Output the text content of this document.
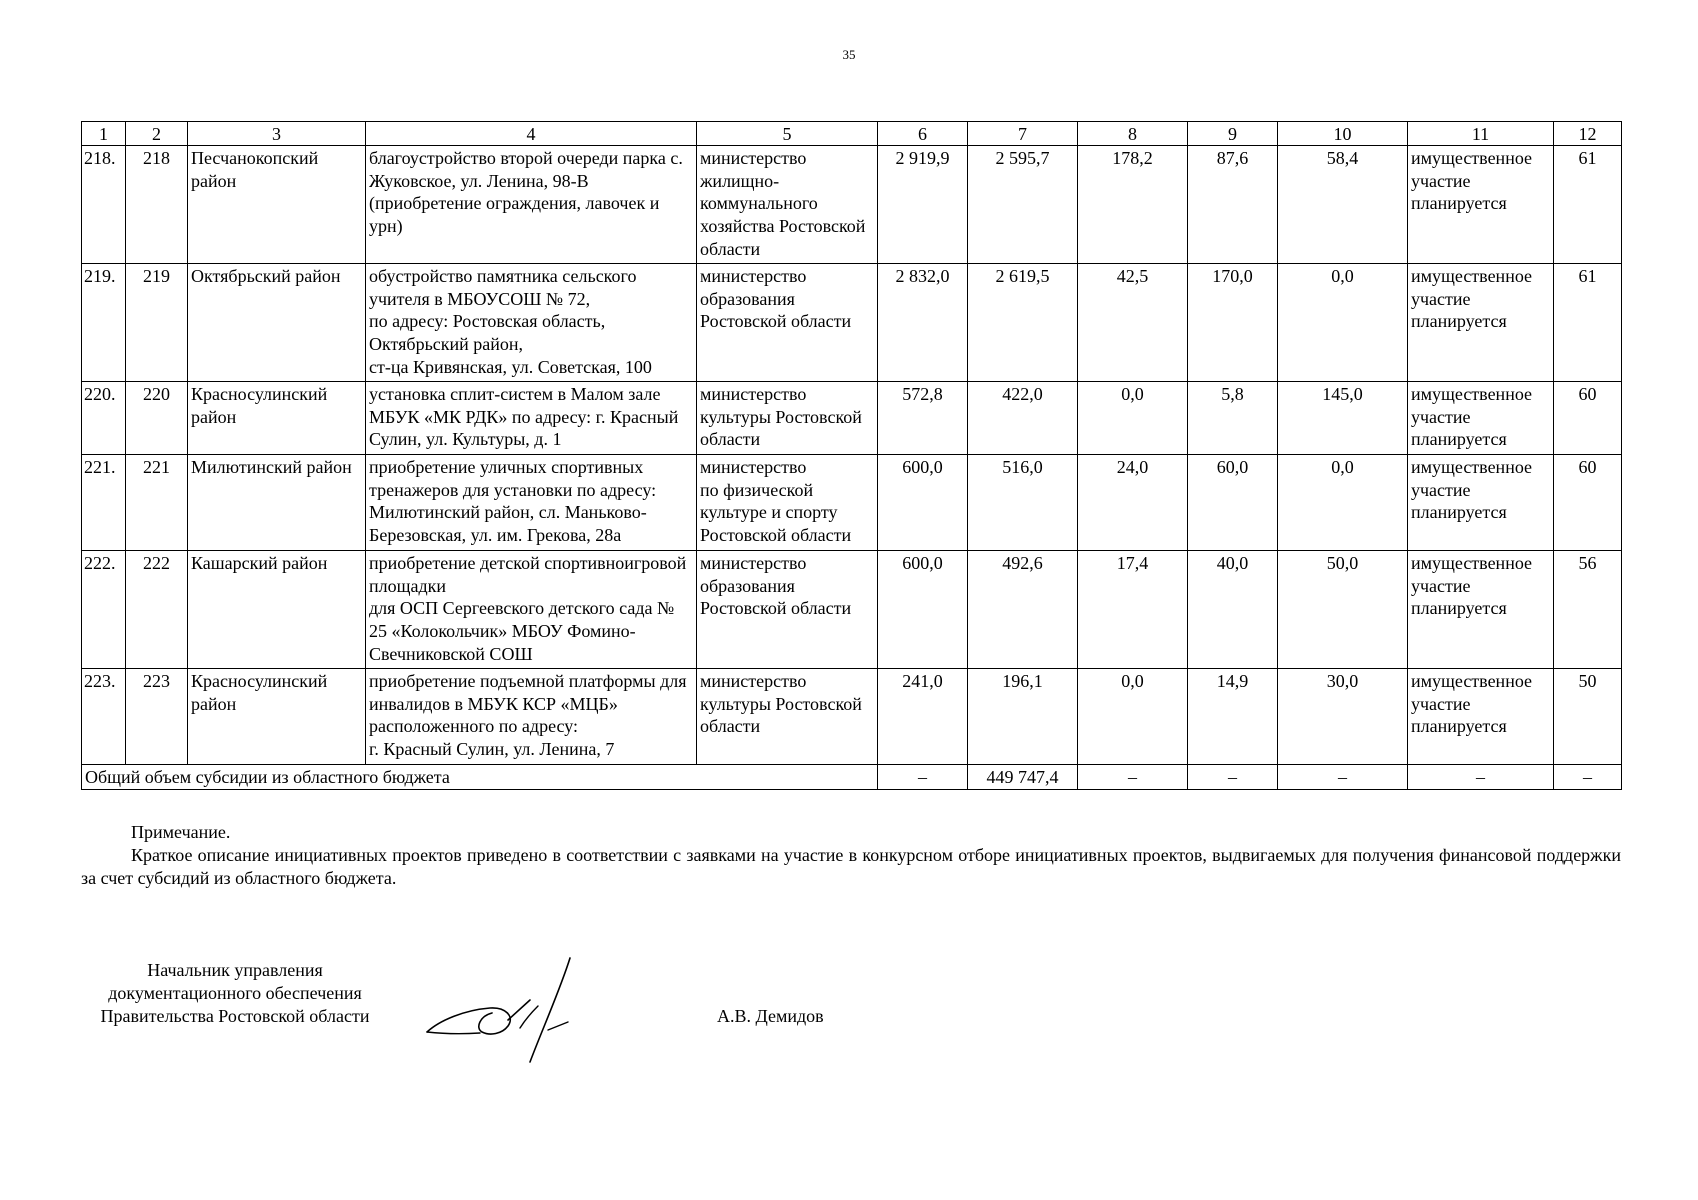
35
1	2	3	4	5	6	7	8	9	10	11	12
218.	218	Песчанокопский район	благоустройство второй очереди парка с. Жуковское, ул. Ленина, 98-В (приобретение ограждения, лавочек и урн)	министерство жилищно-коммунального хозяйства Ростовской области	2 919,9	2 595,7	178,2	87,6	58,4	имущественное участие планируется	61
219.	219	Октябрьский район	обустройство памятника сельского учителя в МБОУСОШ № 72,
по адресу: Ростовская область, Октябрьский район,
ст-ца Кривянская, ул. Советская, 100	министерство образования Ростовской области	2 832,0	2 619,5	42,5	170,0	0,0	имущественное участие планируется	61
220.	220	Красносулинский район	установка сплит-систем в Малом зале МБУК «МК РДК» по адресу: г. Красный Сулин, ул. Культуры, д. 1	министерство культуры Ростовской области	572,8	422,0	0,0	5,8	145,0	имущественное участие планируется	60
221.	221	Милютинский район	приобретение уличных спортивных тренажеров для установки по адресу: Милютинский район, сл. Маньково-Березовская, ул. им. Грекова, 28а	министерство
по физической культуре и спорту Ростовской области	600,0	516,0	24,0	60,0	0,0	имущественное участие планируется	60
222.	222	Кашарский район	приобретение детской спортивноигровой площадки
для ОСП Сергеевского детского сада № 25 «Колокольчик» МБОУ Фомино-Свечниковской СОШ	министерство образования Ростовской области	600,0	492,6	17,4	40,0	50,0	имущественное участие планируется	56
223.	223	Красносулинский район	приобретение подъемной платформы для инвалидов в МБУК КСР «МЦБ» расположенного по адресу:
г. Красный Сулин, ул. Ленина, 7	министерство культуры Ростовской области	241,0	196,1	0,0	14,9	30,0	имущественное участие планируется	50
Общий объем субсидии из областного бюджета					–	449 747,4	–	–	–	–	–
Примечание.
Краткое описание инициативных проектов приведено в соответствии с заявками на участие в конкурсном отборе инициативных проектов, выдвигаемых для получения финансовой поддержки за счет субсидий из областного бюджета.
Начальник управления
документационного обеспечения
Правительства Ростовской области	А.В. Демидов
